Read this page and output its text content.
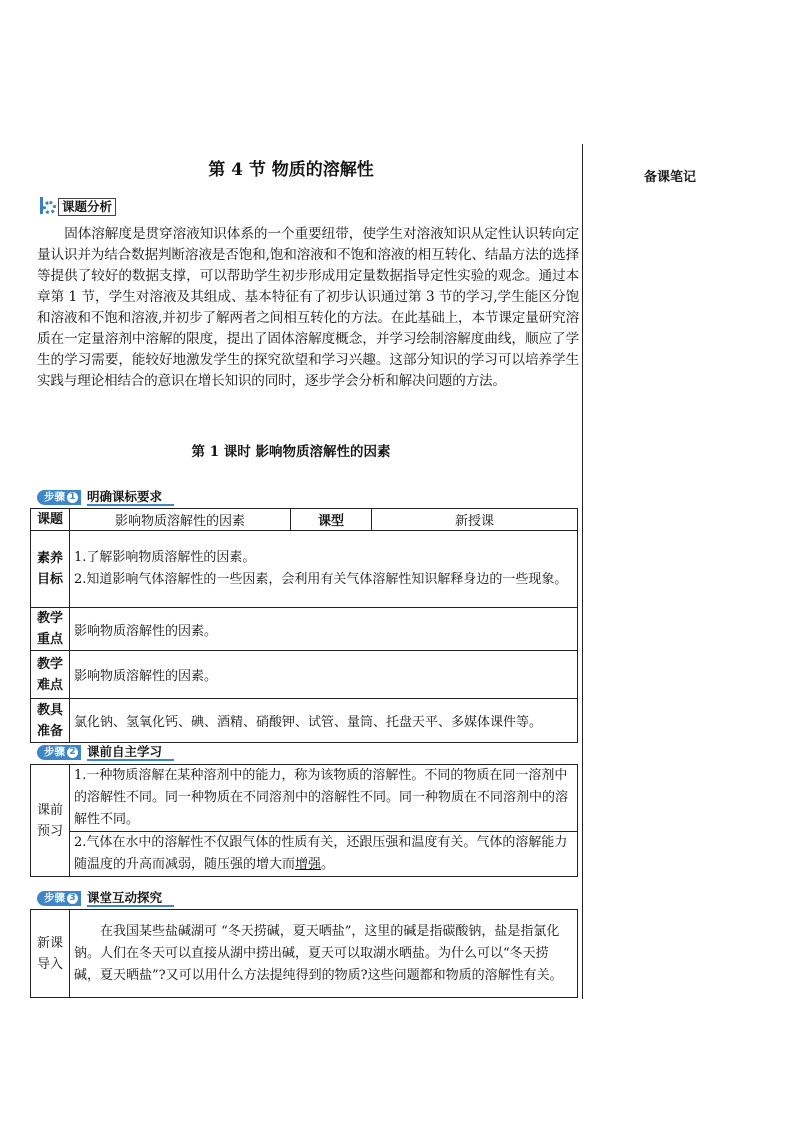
备课笔记
第 4 节 物质的溶解性
课题分析
固体溶解度是贯穿溶液知识体系的一个重要纽带，使学生对溶液知识从定性认识转向定量认识并为结合数据判断溶液是否饱和,饱和溶液和不饱和溶液的相互转化、结晶方法的选择等提供了较好的数据支撑，可以帮助学生初步形成用定量数据指导定性实验的观念。通过本章第 1 节，学生对溶液及其组成、基本特征有了初步认识通过第 3 节的学习,学生能区分饱和溶液和不饱和溶液,并初步了解两者之间相互转化的方法。在此基础上，本节课定量研究溶质在一定量溶剂中溶解的限度，提出了固体溶解度概念，并学习绘制溶解度曲线，顺应了学生的学习需要，能较好地激发学生的探究欲望和学习兴趣。这部分知识的学习可以培养学生实践与理论相结合的意识在增长知识的同时，逐步学会分析和解决问题的方法。
第 1 课时 影响物质溶解性的因素
步骤 1 明确课标要求
课题	影响物质溶解性的因素	课型	新授课

素养目标	1.了解影响物质溶解性的因素。
2.知道影响气体溶解性的一些因素，会利用有关气体溶解性知识解释身边的一些现象。		

教学重点	影响物质溶解性的因素。		

教学难点	影响物质溶解性的因素。		

教具准备	氯化钠、氢氧化钙、碘、酒精、硝酸钾、试管、量筒、托盘天平、多媒体课件等。		
步骤 2 课前自主学习
课前预习
	1.一种物质溶解在某种溶剂中的能力，称为该物质的溶解性。不同的物质在同一溶剂中的溶解性不同。同一种物质在不同溶剂中的溶解性不同。同一种物质在不同溶剂中的溶解性不同。
2.气体在水中的溶解性不仅跟气体的性质有关，还跟压强和温度有关。气体的溶解能力随温度的升高而减弱，随压强的增大而增强。
步骤 3 课堂互动探究
新课导入
	在我国某些盐碱湖可 “冬天捞碱，夏天晒盐”，这里的碱是指碳酸钠，盐是指氯化钠。人们在冬天可以直接从湖中捞出碱，夏天可以取湖水晒盐。为什么可以“冬天捞碱，夏天晒盐”?又可以用什么方法提纯得到的物质?这些问题都和物质的溶解性有关。
